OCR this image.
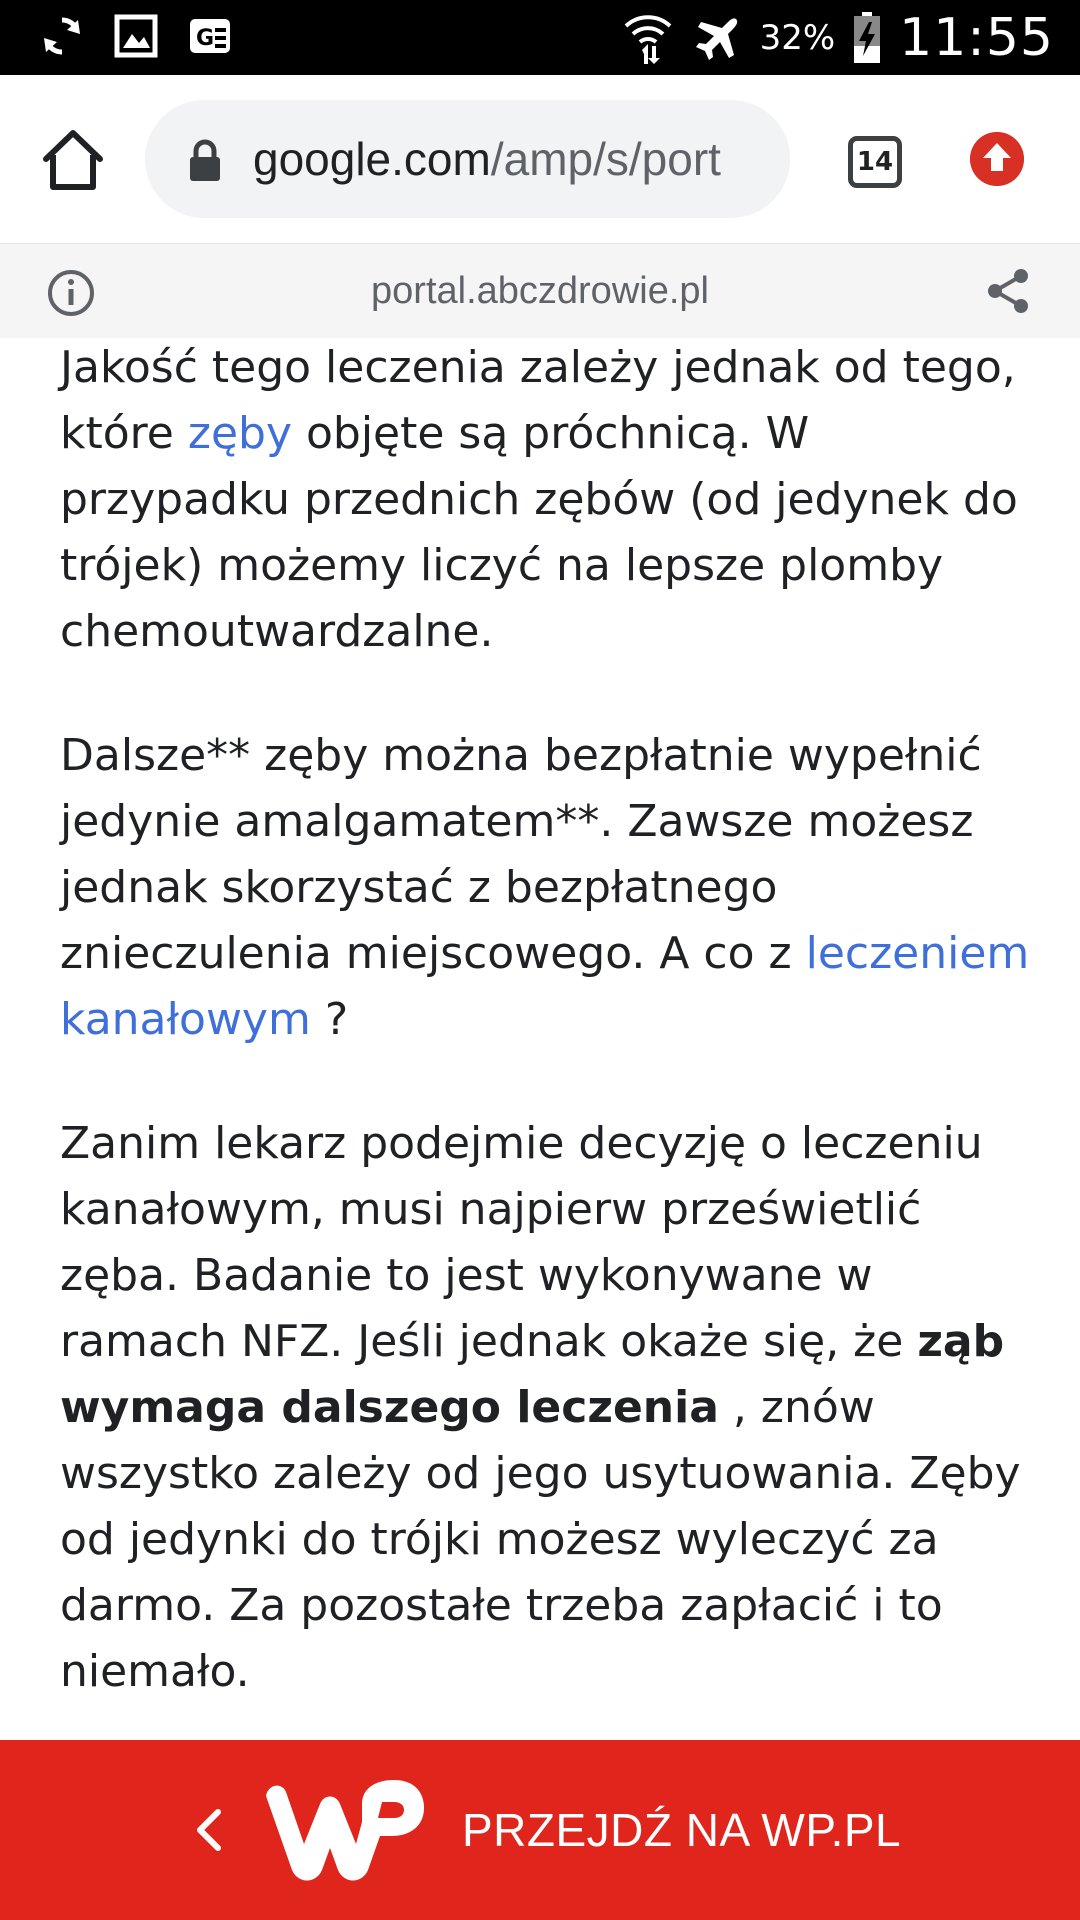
G	32% 11:55
google.com/amp/s/port	14
portal.abczdrowie.pl

Jakość tego leczenia zależy jednak od tego, które zęby objęte są próchnicą. W przypadku przednich zębów (od jedynek do trójek) możemy liczyć na lepsze plomby chemoutwardzalne.

Dalsze** zęby można bezpłatnie wypełnić jedynie amalgamatem**. Zawsze możesz jednak skorzystać z bezpłatnego znieczulenia miejscowego. A co z leczeniem kanałowym ?

Zanim lekarz podejmie decyzję o leczeniu kanałowym, musi najpierw prześwietlić zęba. Badanie to jest wykonywane w ramach NFZ. Jeśli jednak okaże się, że ząb wymaga dalszego leczenia , znów wszystko zależy od jego usytuowania. Zęby od jedynki do trójki możesz wyleczyć za darmo. Za pozostałe trzeba zapłacić i to niemało.

PRZEJDŹ NA WP.PL
